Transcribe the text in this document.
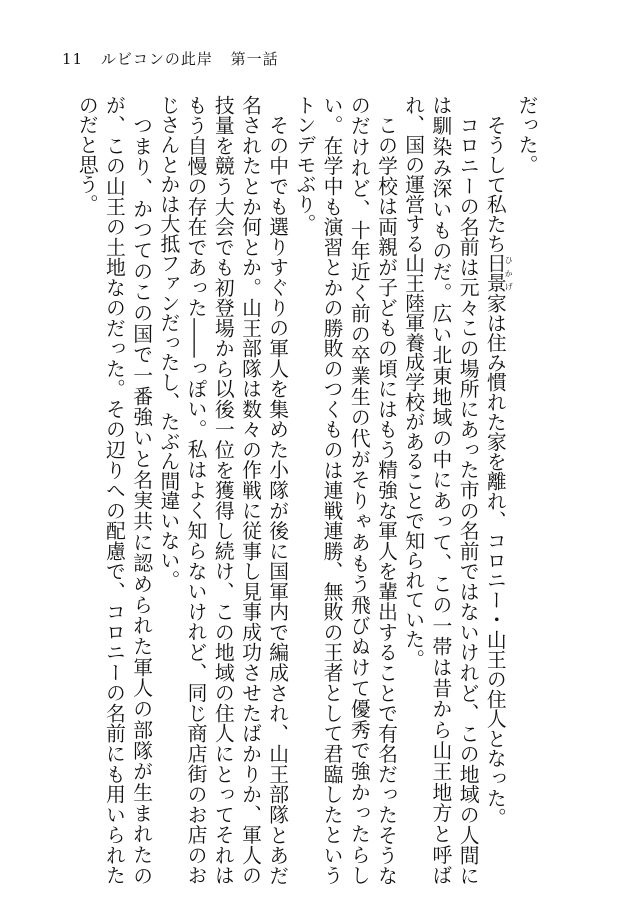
11 ルビコンの此岸 第一話

だった。

そうして私たち日景ひかげ家は住み慣れた家を離れ、コロニー・山王の住人となった。

コロニーの名前は元々この場所にあった市の名前ではないけれど、この地域の人間には馴染み深いものだ。広い北東地域の中にあって、この一帯は昔から山王地方と呼ばれ、国の運営する山王陸軍養成学校があることで知られていた。

この学校は両親が子どもの頃にはもう精強な軍人を輩出することで有名だったそうなのだけれど、十年近く前の卒業生の代がそりゃあもう飛びぬけて優秀で強かったらしい。在学中も演習とかの勝敗のつくものは連戦連勝、無敗の王者として君臨したというトンデモぶり。

その中でも選りすぐりの軍人を集めた小隊が後に国軍内で編成され、山王部隊とあだ名されたとか何とか。山王部隊は数々の作戦に従事し見事成功させたばかりか、軍人の技量を競う大会でも初登場から以後一位を獲得し続け、この地域の住人にとってそれはもう自慢の存在であった――っぽい。私はよく知らないけれど、同じ商店街のお店のおじさんとかは大抵ファンだったし、たぶん間違いない。

つまり、かつてのこの国で一番強いと名実共に認められた軍人の部隊が生まれたのが、この山王の土地なのだった。その辺りへの配慮で、コロニーの名前にも用いられたのだと思う。
